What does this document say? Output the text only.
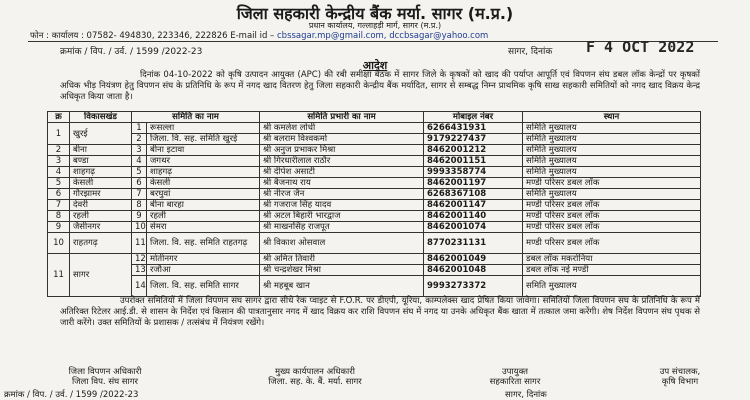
जिला सहकारी केन्द्रीय बैंक मर्या. सागर (म.प्र.)
प्रधान कार्यालय, गल्लाहड़ी मार्ग, सागर (म.प्र.)
फोन : कार्यालय : 07582- 494830, 223346, 222826 E-mail id – cbssagar.mp@gmail.com, dccbsagar@yahoo.com
क्रमांक / विप. / उर्व. / 1599 /2022-23	सागर, दिनांक F 4 OCT 2022
आदेश
दिनांक 04-10-2022 को कृषि उत्पादन आयुक्त (APC) की रबी समीक्षा बैठक में सागर जिले के कृषकों को खाद की पर्याप्त आपूर्ति एवं विपणन संघ डबल लॉक केन्द्रों पर कृषकों अधिक भीड़ नियंत्रण हेतु विपणन संघ के प्रतिनिधि के रूप में नगद खाद वितरण हेतु जिला सहकारी केन्द्रीय बैंक मर्यादित, सागर से सम्बद्ध निम्न प्राथमिक कृषि साख सहकारी समितियों को नगद खाद विक्रय केन्द्र अधिकृत किया जाता है।
क्र	विकासखंड	समिति का नाम		समिति प्रभारी का नाम	मोबाइल नंबर	स्थान
1	खुरई	1	रूसल्ला	श्री कमलेश लोधी	6266431931	समिति मुख्यालय
		2	जिला. वि. सह. समिति खुरई	श्री बलराम विश्वकर्मा	9179227437	समिति मुख्यालय
2	बीना	3	बीना इटावा	श्री अनुज प्रभाकर मिश्रा	8462001212	समिति मुख्यालय
3	बण्डा	4	जगथर	श्री गिरधारीलाल राठौर	8462001151	समिति मुख्यालय
4	शाहगढ़	5	शाहगढ़	श्री दीपेश असाटी	9993358774	समिति मुख्यालय
5	केसली	6	केसली	श्री बैजनाथ राय	8462001197	मण्डी परिसर डबल लॉक
6	गौरझामर	7	बरघुवां	श्री नीरज जैन	6268367108	समिति मुख्यालय
7	देवरी	8	बीना बारहा	श्री गजराज सिंह यादव	8462001147	मण्डी परिसर डबल लॉक
8	रहली	9	रहली	श्री अटल बिहारी भारद्वाज	8462001140	मण्डी परिसर डबल लॉक
9	जैसीनगर	10	सेमरा	श्री माखनसिंह राजपूत	8462001074	मण्डी परिसर डबल लॉक
10	राहतगढ़	11	जिला. वि. सह. समिति राहतगढ़	श्री विकाश ओसवाल	8770231131	मण्डी परिसर डबल लॉक
11	सागर	12	मोतीनगर	श्री अमित तिवारी	8462001049	डबल लॉक मकरोनिया
		13	रजौआ	श्री चन्द्रशेखर मिश्रा	8462001048	डबल लॉक नई मण्डी
		14	जिला. वि. सह. समिति सागर	श्री महबूब खान	9993273372	समिति मुख्यालय
उपरोक्त समितियों में जिला विपणन संघ सागर द्वारा सीधे रेक प्वाइंट से F.O.R. पर डीएपी, यूरिया, काम्पलेक्स खाद प्रेषित किया जावेगा। समितियों जिला विपणन संघ के प्रतिनिधि के रूप में अतिरिक्त रिटेलर आई.डी. से शासन के निर्देश एवं किसान की पात्रतानुसार नगद में खाद विक्रय कर राशि विपणन संघ में नगद या उनके अधिकृत बैंक खाता में तत्काल जमा करेंगी। शेष निर्देश विपणन संघ पृथक से जारी करेंगे। उक्त समितियों के प्रशासक / तत्संबंध में नियंत्रण रखेंगे।
जिला विपणन अधिकारी
जिला विप. संघ सागर
मुख्य कार्यपालन अधिकारी
जिला. सह. के. बैं. मर्या. सागर
उपायुक्त
सहकारिता सागर
उप संचालक,
कृषि विभाग
क्रमांक / विप. / उर्व. / 1599 /2022-23	सागर, दिनांक
